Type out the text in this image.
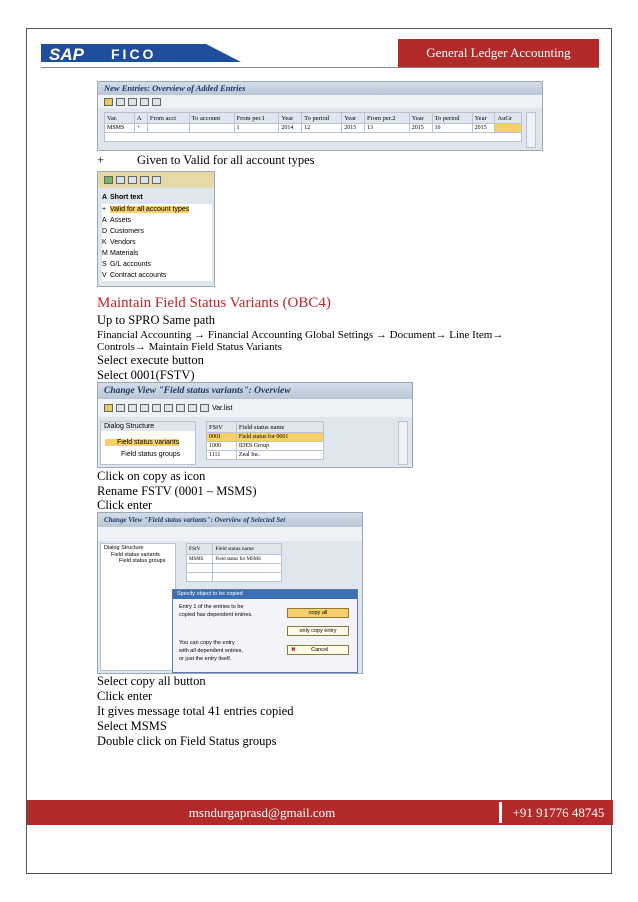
SAP FICO	General Ledger Accounting
New Entries: Overview of Added Entries
Var.	A	From acct	To account	From per.1	Year	To period	Year	From per.2	Year	To period	Year	AuGr
MSMS	+			1	2014	12	2015	13	2015	16	2015	

+	Given to Valid for all account types
A Short text
+ Valid for all account types
A Assets
D Customers
K Vendors
M Materials
S G/L accounts
V Contract accounts
Maintain Field Status Variants (OBC4)
Up to SPRO Same path
Financial Accounting → Financial Accounting Global Settings → Document→ Line Item→
Controls→ Maintain Field Status Variants
Select execute button
Select 0001(FSTV)
Change View "Field status variants": Overview
Var.list
Dialog Structure
Field status variants
Field status groups
FStV	Field status name
0001	Field status for 0001
1000	IDES Group
1111	Zeal Inc.
Click on copy as icon
Rename FSTV (0001 – MSMS)
Click enter
Change View "Field status variants": Overview of Selected Set
Dialog Structure
Field status variants
Field status groups
FStV	Field status name
MSMS	Field status for MSMS

Specify object to be copied
Entry 1 of the entries to be
copied has dependent entries.
You can copy the entry
with all dependent entries,
or just the entry itself.
copy all
only copy entry
✖	Cancel
Select copy all button
Click enter
It gives message total 41 entries copied
Select MSMS
Double click on Field Status groups
msndurgaprasd@gmail.com	+91 91776 48745
